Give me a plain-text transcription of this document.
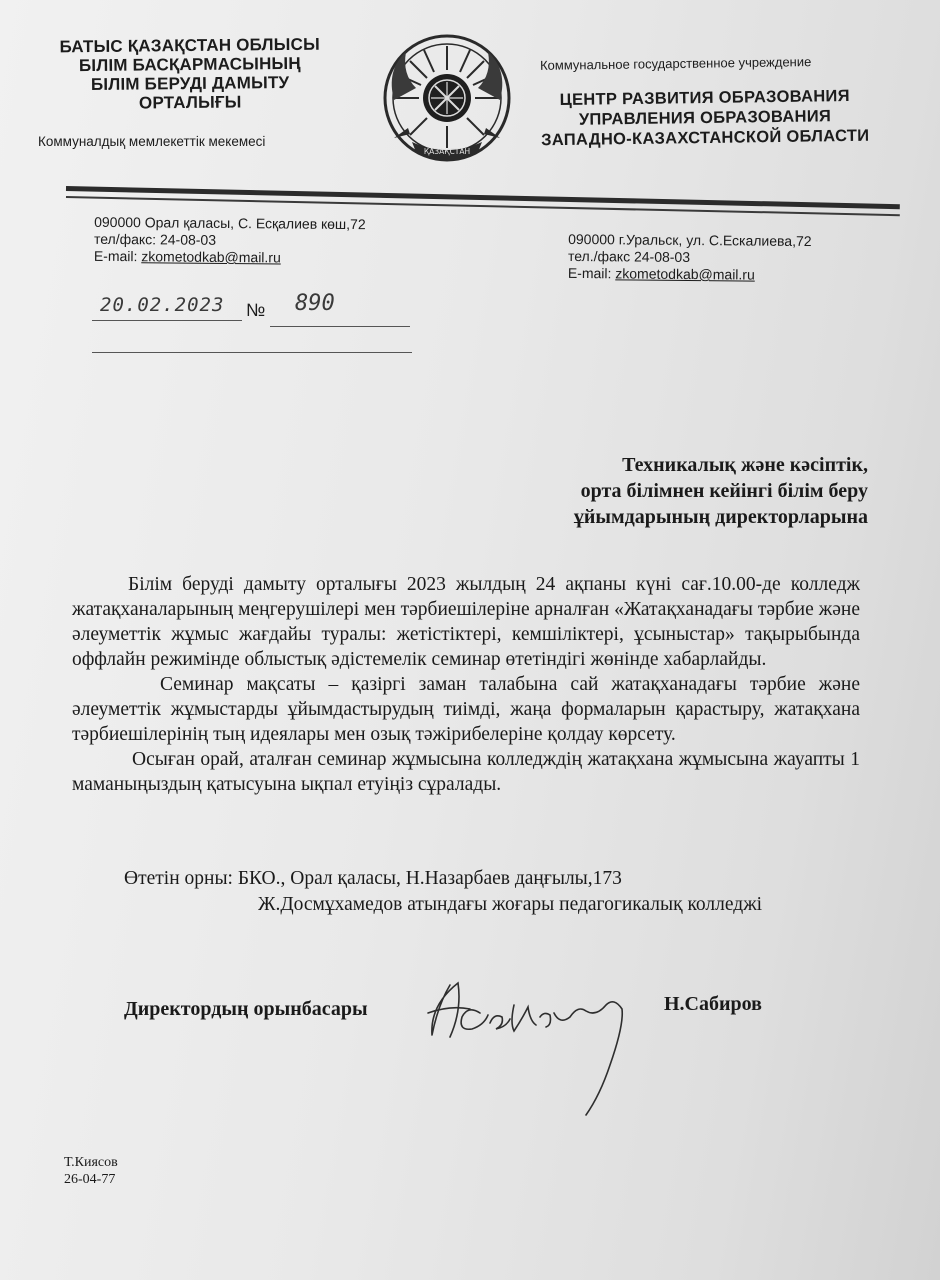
БАТЫС ҚАЗАҚСТАН ОБЛЫСЫ
БІЛІМ БАСҚАРМАСЫНЫҢ
БІЛІМ БЕРУДІ ДАМЫТУ
ОРТАЛЫҒЫ
Коммуналдық мемлекеттік мекемесі
ҚАЗАҚСТАН
Коммунальное государственное учреждение
ЦЕНТР РАЗВИТИЯ ОБРАЗОВАНИЯ
УПРАВЛЕНИЯ ОБРАЗОВАНИЯ
ЗАПАДНО-КАЗАХСТАНСКОЙ ОБЛАСТИ
090000 Орал қаласы, С. Есқалиев көш,72
тел/факс: 24-08-03
E-mail: zkometodkab@mail.ru
090000 г.Уральск, ул. С.Ескалиева,72
тел./факс 24-08-03
E-mail: zkometodkab@mail.ru
20.02.2023 № 890
Техникалық және кәсіптік,
орта білімнен кейінгі білім беру
ұйымдарының директорларына

Білім беруді дамыту орталығы 2023 жылдың 24 ақпаны күні сағ.10.00-де колледж жатақханаларының меңгерушілері мен тәрбиешілеріне арналған «Жатақханадағы тәрбие және әлеуметтік жұмыс жағдайы туралы: жетістіктері, кемшіліктері, ұсыныстар» тақырыбында оффлайн режимінде облыстық әдістемелік семинар өтетіндігі жөнінде хабарлайды.

Семинар мақсаты – қазіргі заман талабына сай жатақханадағы тәрбие және әлеуметтік жұмыстарды ұйымдастырудың тиімді, жаңа формаларын қарастыру, жатақхана тәрбиешілерінің тың идеялары мен озық тәжірибелеріне қолдау көрсету.

Осыған орай, аталған семинар жұмысына колледждің жатақхана жұмысына жауапты 1 маманыңыздың қатысуына ықпал етуіңіз сұралады.

Өтетін орны: БКО., Орал қаласы, Н.Назарбаев даңғылы,173
Ж.Досмұхамедов атындағы жоғары педагогикалық колледжі
Директордың орынбасары	Н.Сабиров
Т.Киясов
26-04-77
